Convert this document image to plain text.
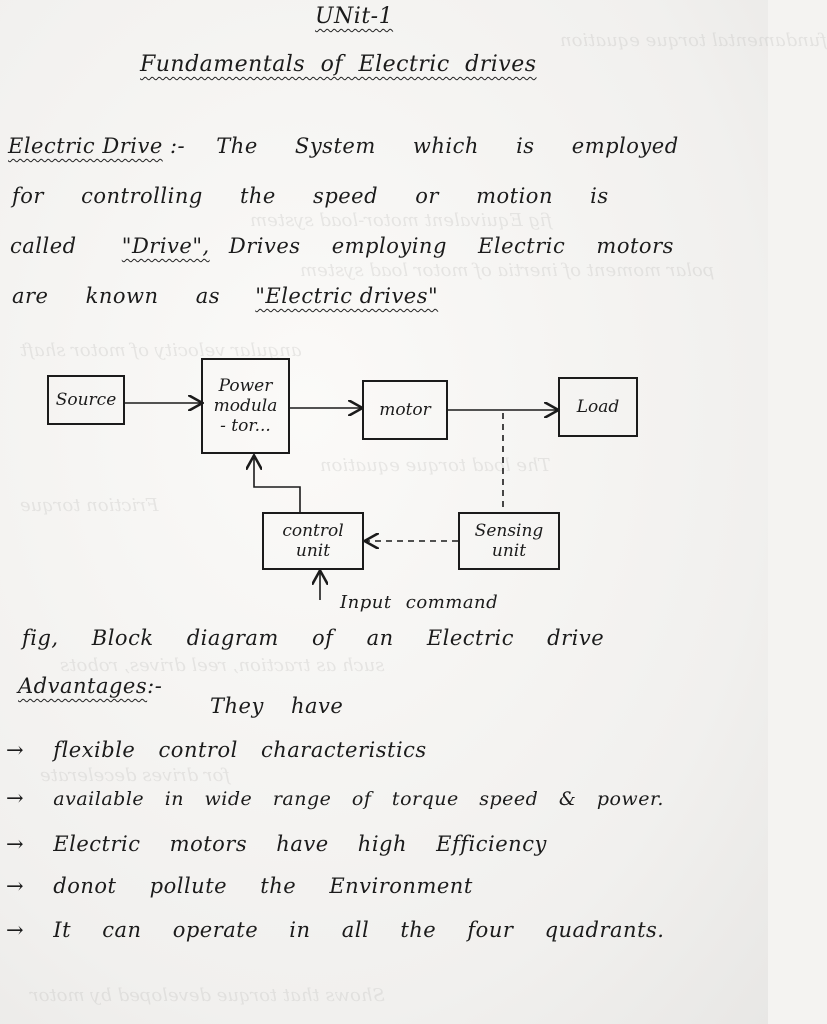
fundamental torque equation
fig Equivalent motor-load system
polar moment of inertia of motor load system
angular velocity of motor shaft
The load torque equation
Friction torque
such as traction, reel drives, robots
for drives decelerate
Shows that torque developed by motor
UNit-1
Fundamentals of Electric drives
Electric Drive :- The System which is employed
for controlling the speed or motion is
called "Drive", Drives employing Electric motors
are known as "Electric drives"
Source
Power
modula
- tor...
motor	Load
control
unit
Sensing
unit
Input command
fig, Block diagram of an Electric drive
Advantages:-
They have
→ flexible control characteristics
→ available in wide range of torque speed & power.
→ Electric motors have high Efficiency
→ donot pollute the Environment
→ It can operate in all the four quadrants.
